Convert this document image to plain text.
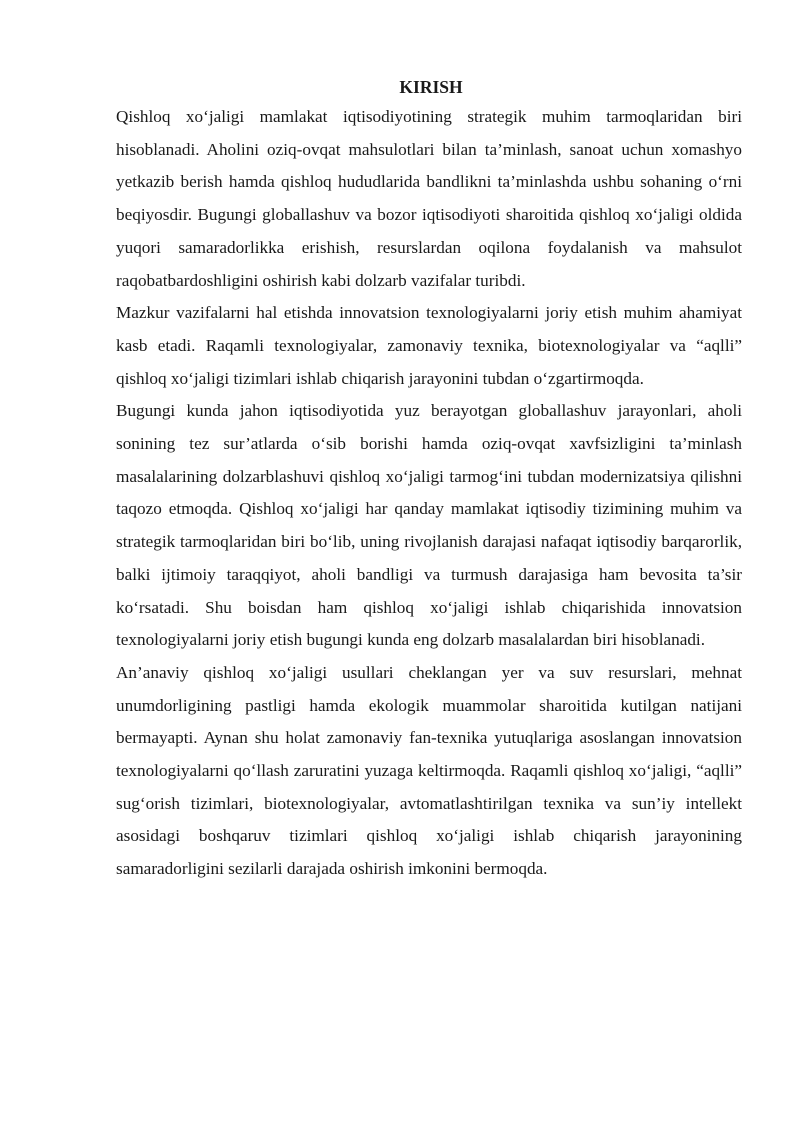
KIRISH

Qishloq xo‘jaligi mamlakat iqtisodiyotining strategik muhim tarmoqlaridan biri hisoblanadi. Aholini oziq-ovqat mahsulotlari bilan ta’minlash, sanoat uchun xomashyo yetkazib berish hamda qishloq hududlarida bandlikni ta’minlashda ushbu sohaning o‘rni beqiyosdir. Bugungi globallashuv va bozor iqtisodiyoti sharoitida qishloq xo‘jaligi oldida yuqori samaradorlikka erishish, resurslardan oqilona foydalanish va mahsulot raqobatbardoshligini oshirish kabi dolzarb vazifalar turibdi.

Mazkur vazifalarni hal etishda innovatsion texnologiyalarni joriy etish muhim ahamiyat kasb etadi. Raqamli texnologiyalar, zamonaviy texnika, biotexnologiyalar va “aqlli” qishloq xo‘jaligi tizimlari ishlab chiqarish jarayonini tubdan o‘zgartirmoqda.

Bugungi kunda jahon iqtisodiyotida yuz berayotgan globallashuv jarayonlari, aholi sonining tez sur’atlarda o‘sib borishi hamda oziq-ovqat xavfsizligini ta’minlash masalalarining dolzarblashuvi qishloq xo‘jaligi tarmog‘ini tubdan modernizatsiya qilishni taqozo etmoqda. Qishloq xo‘jaligi har qanday mamlakat iqtisodiy tizimining muhim va strategik tarmoqlaridan biri bo‘lib, uning rivojlanish darajasi nafaqat iqtisodiy barqarorlik, balki ijtimoiy taraqqiyot, aholi bandligi va turmush darajasiga ham bevosita ta’sir ko‘rsatadi. Shu boisdan ham qishloq xo‘jaligi ishlab chiqarishida innovatsion texnologiyalarni joriy etish bugungi kunda eng dolzarb masalalardan biri hisoblanadi.

An’anaviy qishloq xo‘jaligi usullari cheklangan yer va suv resurslari, mehnat unumdorligining pastligi hamda ekologik muammolar sharoitida kutilgan natijani bermayapti. Aynan shu holat zamonaviy fan-texnika yutuqlariga asoslangan innovatsion texnologiyalarni qo‘llash zaruratini yuzaga keltirmoqda. Raqamli qishloq xo‘jaligi, “aqlli” sug‘orish tizimlari, biotexnologiyalar, avtomatlashtirilgan texnika va sun’iy intellekt asosidagi boshqaruv tizimlari qishloq xo‘jaligi ishlab chiqarish jarayonining samaradorligini sezilarli darajada oshirish imkonini bermoqda.
